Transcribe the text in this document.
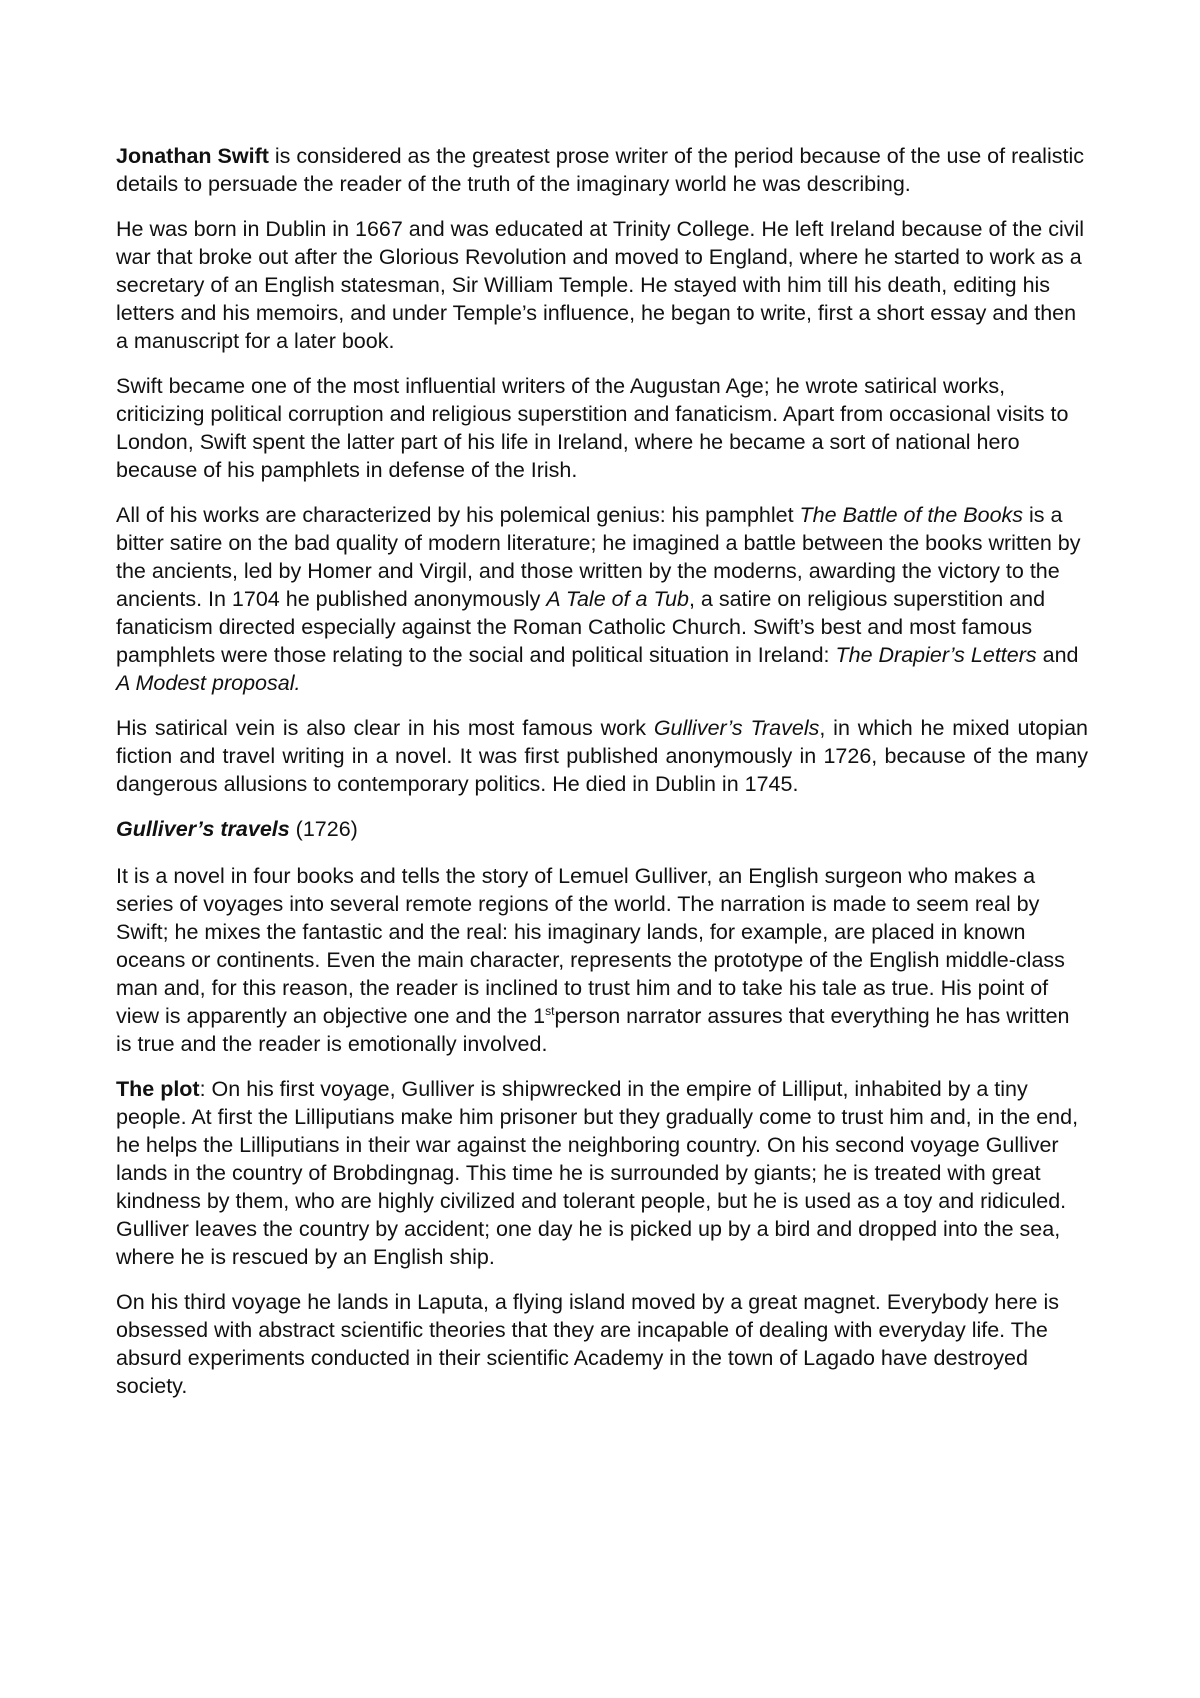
Jonathan Swift is considered as the greatest prose writer of the period because of the use of realistic details to persuade the reader of the truth of the imaginary world he was describing.

He was born in Dublin in 1667 and was educated at Trinity College. He left Ireland because of the civil war that broke out after the Glorious Revolution and moved to England, where he started to work as a secretary of an English statesman, Sir William Temple. He stayed with him till his death, editing his letters and his memoirs, and under Temple’s influence, he began to write, first a short essay and then a manuscript for a later book.

Swift became one of the most influential writers of the Augustan Age; he wrote satirical works, criticizing political corruption and religious superstition and fanaticism. Apart from occasional visits to London, Swift spent the latter part of his life in Ireland, where he became a sort of national hero because of his pamphlets in defense of the Irish.

All of his works are characterized by his polemical genius: his pamphlet The Battle of the Books is a bitter satire on the bad quality of modern literature; he imagined a battle between the books written by the ancients, led by Homer and Virgil, and those written by the moderns, awarding the victory to the ancients. In 1704 he published anonymously A Tale of a Tub, a satire on religious superstition and fanaticism directed especially against the Roman Catholic Church. Swift’s best and most famous pamphlets were those relating to the social and political situation in Ireland: The Drapier’s Letters and A Modest proposal.

His satirical vein is also clear in his most famous work Gulliver’s Travels, in which he mixed utopian fiction and travel writing in a novel. It was first published anonymously in 1726, because of the many dangerous allusions to contemporary politics. He died in Dublin in 1745.

Gulliver’s travels (1726)

It is a novel in four books and tells the story of Lemuel Gulliver, an English surgeon who makes a series of voyages into several remote regions of the world. The narration is made to seem real by Swift; he mixes the fantastic and the real: his imaginary lands, for example, are placed in known oceans or continents. Even the main character, represents the prototype of the English middle-class man and, for this reason, the reader is inclined to trust him and to take his tale as true. His point of view is apparently an objective one and the 1stperson narrator assures that everything he has written is true and the reader is emotionally involved.

The plot: On his first voyage, Gulliver is shipwrecked in the empire of Lilliput, inhabited by a tiny people. At first the Lilliputians make him prisoner but they gradually come to trust him and, in the end, he helps the Lilliputians in their war against the neighboring country. On his second voyage Gulliver lands in the country of Brobdingnag. This time he is surrounded by giants; he is treated with great kindness by them, who are highly civilized and tolerant people, but he is used as a toy and ridiculed. Gulliver leaves the country by accident; one day he is picked up by a bird and dropped into the sea, where he is rescued by an English ship.

On his third voyage he lands in Laputa, a flying island moved by a great magnet. Everybody here is obsessed with abstract scientific theories that they are incapable of dealing with everyday life. The absurd experiments conducted in their scientific Academy in the town of Lagado have destroyed society.
